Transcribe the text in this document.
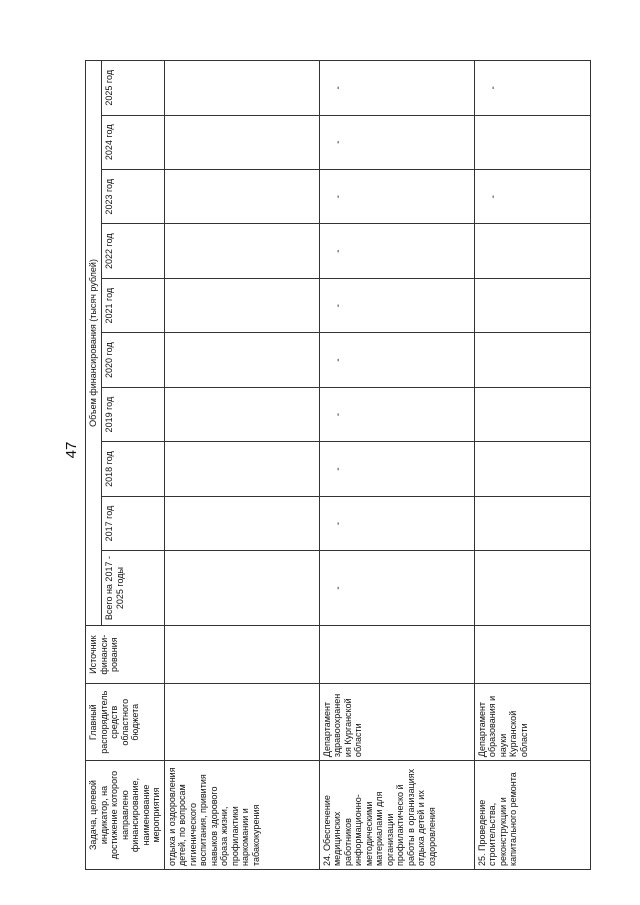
47
Задача, целевой индикатор, на достижение которого направлено финансирование, наименование мероприятия	Главный распорядитель средств областного бюджета	Источник финанси-рования	Объем финансирования (тысяч рублей)									
			Всего на 2017 - 2025 годы	2017 год	2018 год	2019 год	2020 год	2021 год	2022 год	2023 год	2024 год	2025 год
отдыха и оздоровления детей, по вопросам гигиенического воспитания, привития навыков здорового образа жизни, профилактики наркомании и табакокурения												
24. Обеспечение медицинских работников информационно-методическими материалами для организации профилактическо й работы в организациях отдыха детей и их оздоровления	Департамент здравоохранен ия Курганской области		-	-	-	-	-	-	-	-	-	-
25. Проведение строительства, реконструкции и капитального ремонта	Департамент образования и науки Курганской области									-		-
